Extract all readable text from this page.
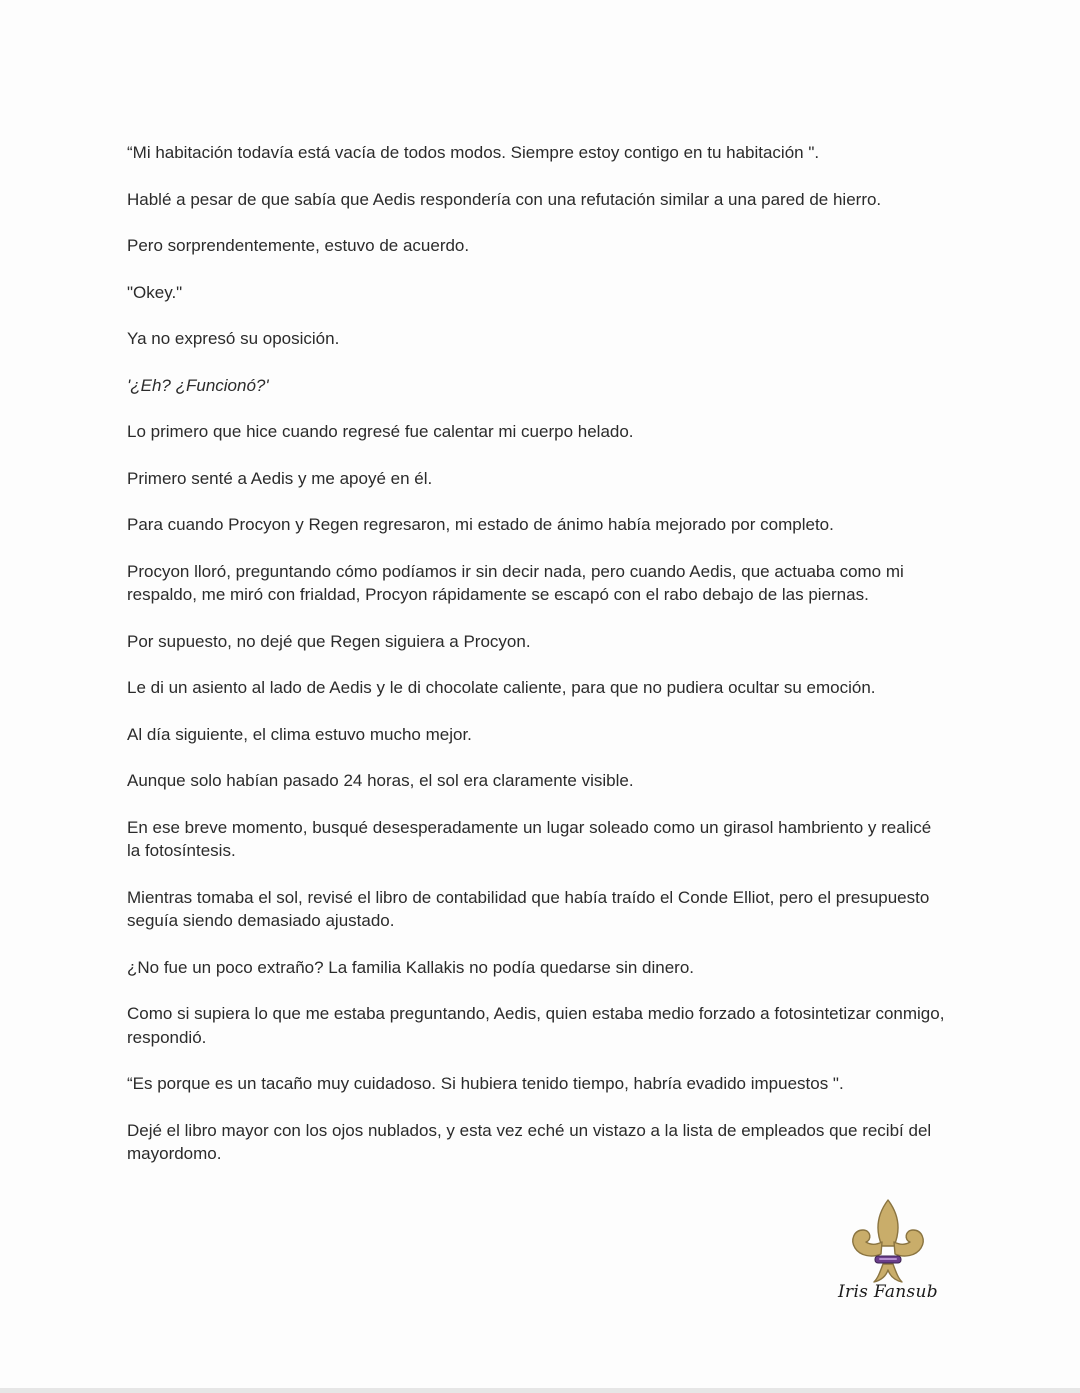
“Mi habitación todavía está vacía de todos modos. Siempre estoy contigo en tu habitación ".

Hablé a pesar de que sabía que Aedis respondería con una refutación similar a una pared de hierro.

Pero sorprendentemente, estuvo de acuerdo.

"Okey."

Ya no expresó su oposición.

'¿Eh? ¿Funcionó?'

Lo primero que hice cuando regresé fue calentar mi cuerpo helado.

Primero senté a Aedis y me apoyé en él.

Para cuando Procyon y Regen regresaron, mi estado de ánimo había mejorado por completo.

Procyon lloró, preguntando cómo podíamos ir sin decir nada, pero cuando Aedis, que actuaba como mi respaldo, me miró con frialdad, Procyon rápidamente se escapó con el rabo debajo de las piernas.

Por supuesto, no dejé que Regen siguiera a Procyon.

Le di un asiento al lado de Aedis y le di chocolate caliente, para que no pudiera ocultar su emoción.

Al día siguiente, el clima estuvo mucho mejor.

Aunque solo habían pasado 24 horas, el sol era claramente visible.

En ese breve momento, busqué desesperadamente un lugar soleado como un girasol hambriento y realicé la fotosíntesis.

Mientras tomaba el sol, revisé el libro de contabilidad que había traído el Conde Elliot, pero el presupuesto seguía siendo demasiado ajustado.

¿No fue un poco extraño? La familia Kallakis no podía quedarse sin dinero.

Como si supiera lo que me estaba preguntando, Aedis, quien estaba medio forzado a fotosintetizar conmigo, respondió.

“Es porque es un tacaño muy cuidadoso. Si hubiera tenido tiempo, habría evadido impuestos ".

Dejé el libro mayor con los ojos nublados, y esta vez eché un vistazo a la lista de empleados que recibí del mayordomo.

Iris Fansub
